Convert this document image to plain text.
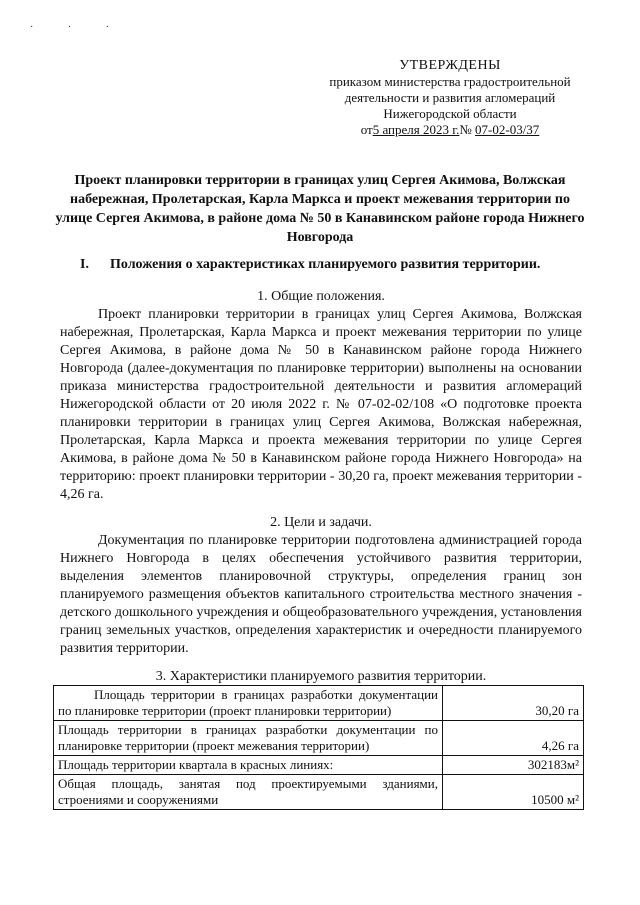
· · ·
УТВЕРЖДЕНЫ
приказом министерства градостроительной
деятельности и развития агломераций
Нижегородской области
от5 апреля 2023 г.№ 07-02-03/37
Проект планировки территории в границах улиц Сергея Акимова, Волжская набережная, Пролетарская, Карла Маркса и проект межевания территории по улице Сергея Акимова, в районе дома № 50 в Канавинском районе города Нижнего Новгорода
I. Положения о характеристиках планируемого развития территории.
1. Общие положения.
Проект планировки территории в границах улиц Сергея Акимова, Волжская набережная, Пролетарская, Карла Маркса и проект межевания территории по улице Сергея Акимова, в районе дома № 50 в Канавинском районе города Нижнего Новгорода (далее-документация по планировке территории) выполнены на основании приказа министерства градостроительной деятельности и развития агломераций Нижегородской области от 20 июля 2022 г. № 07-02-02/108 «О подготовке проекта планировки территории в границах улиц Сергея Акимова, Волжская набережная, Пролетарская, Карла Маркса и проекта межевания территории по улице Сергея Акимова, в районе дома № 50 в Канавинском районе города Нижнего Новгорода» на территорию: проект планировки территории - 30,20 га, проект межевания территории - 4,26 га.
2. Цели и задачи.
Документация по планировке территории подготовлена администрацией города Нижнего Новгорода в целях обеспечения устойчивого развития территории, выделения элементов планировочной структуры, определения границ зон планируемого размещения объектов капитального строительства местного значения - детского дошкольного учреждения и общеобразовательного учреждения, установления границ земельных участков, определения характеристик и очередности планируемого развития территории.
3. Характеристики планируемого развития территории.
Площадь территории в границах разработки документации по планировке территории (проект планировки территории)	30,20 га
Площадь территории в границах разработки документации по планировке территории (проект межевания территории)	4,26 га
Площадь территории квартала в красных линиях:	302183м²
Общая площадь, занятая под проектируемыми зданиями, строениями и сооружениями	10500 м²
